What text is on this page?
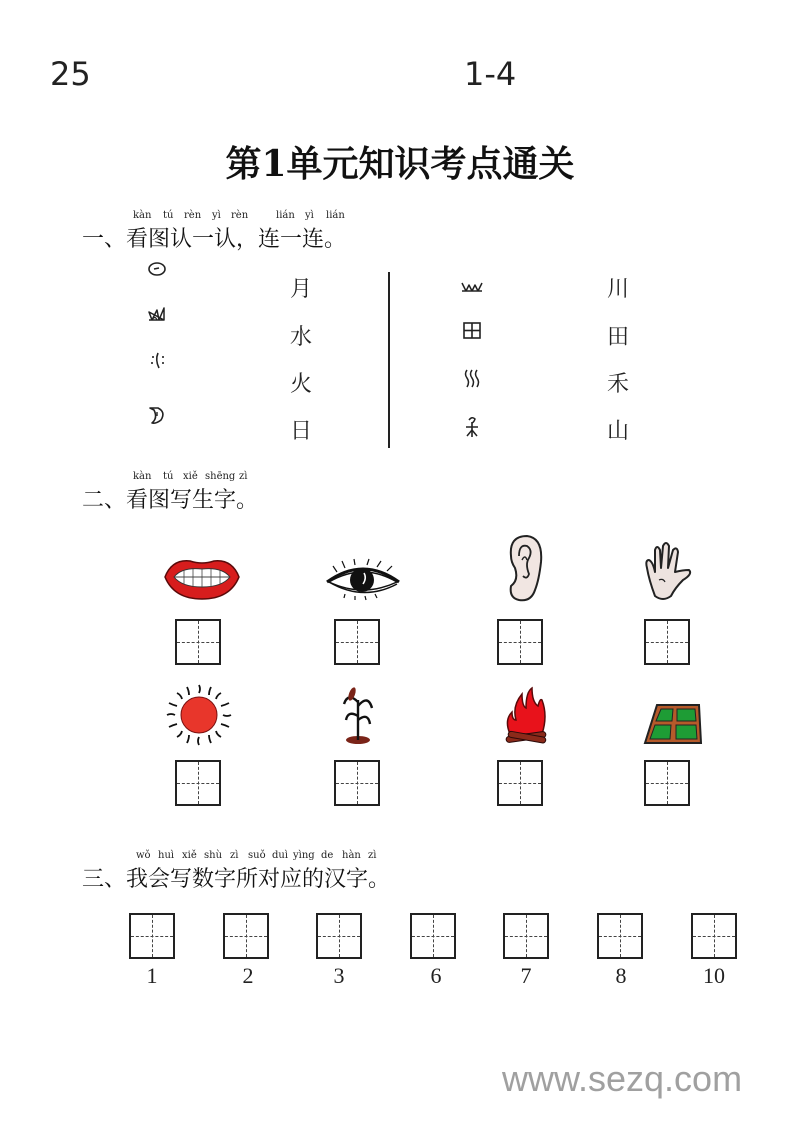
25	1-4
第1单元知识考点通关
kàn tú rèn yì rèn	lián yì lián
一、看图认一认，连一连。
月
水
火
日
川
田
禾
山
kàn tú xiě shēng zì
二、看图写生字。
wǒ huì xiě shù zì suǒ duì yìng de hàn zì
三、我会写数字所对应的汉字。
1	2	3	6	7	8	10
www.sezq.com
